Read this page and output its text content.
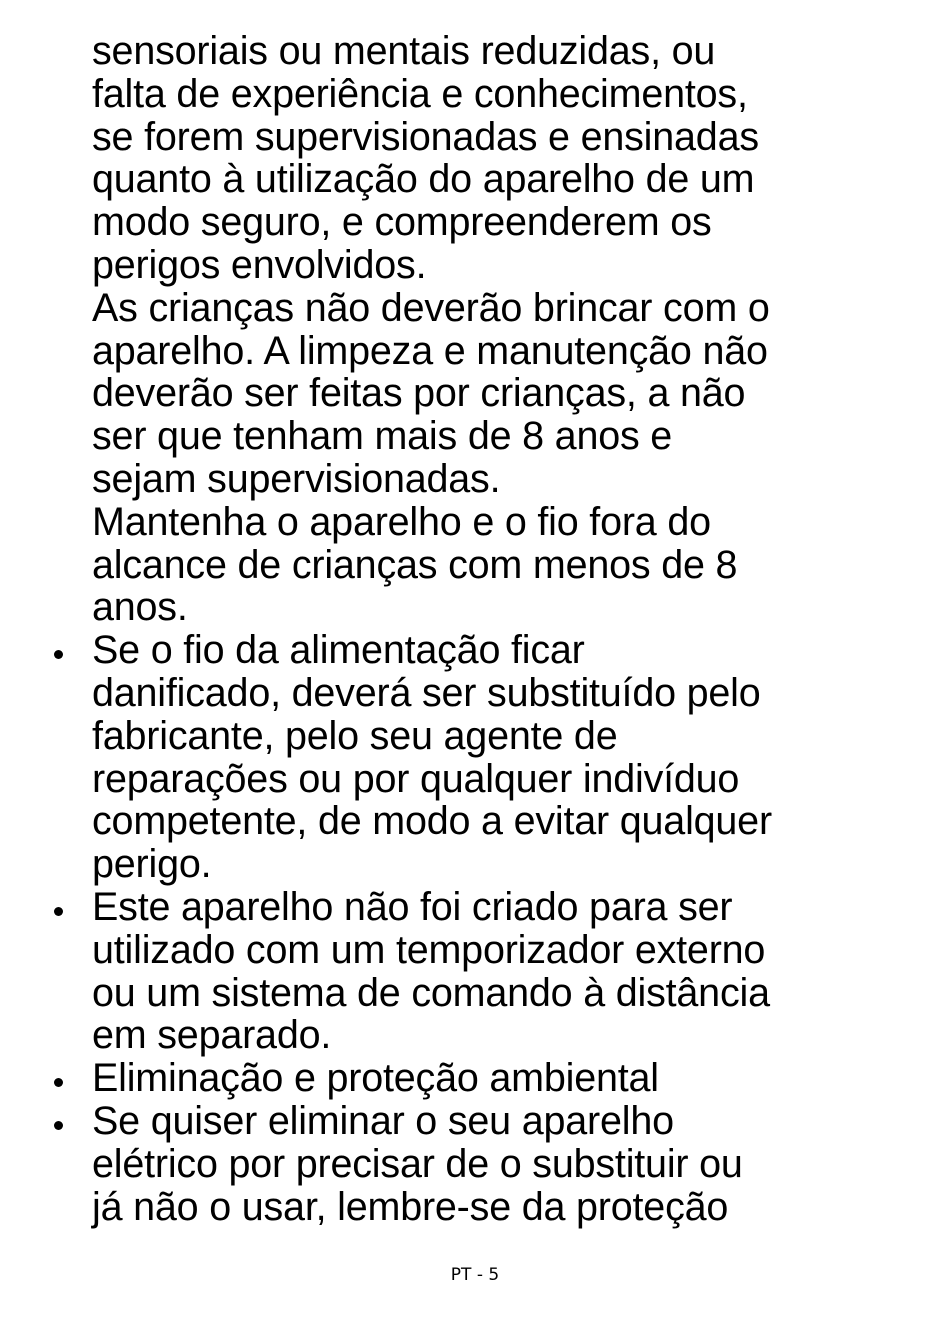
sensoriais ou mentais reduzidas, ou
falta de experiência e conhecimentos,
se forem supervisionadas e ensinadas
quanto à utilização do aparelho de um
modo seguro, e compreenderem os
perigos envolvidos.
As crianças não deverão brincar com o
aparelho. A limpeza e manutenção não
deverão ser feitas por crianças, a não
ser que tenham mais de 8 anos e
sejam supervisionadas.
Mantenha o aparelho e o fio fora do
alcance de crianças com menos de 8
anos.
Se o fio da alimentação ficar
danificado, deverá ser substituído pelo
fabricante, pelo seu agente de
reparações ou por qualquer indivíduo
competente, de modo a evitar qualquer
perigo.
Este aparelho não foi criado para ser
utilizado com um temporizador externo
ou um sistema de comando à distância
em separado.
Eliminação e proteção ambiental
Se quiser eliminar o seu aparelho
elétrico por precisar de o substituir ou
já não o usar, lembre-se da proteção
PT - 5
